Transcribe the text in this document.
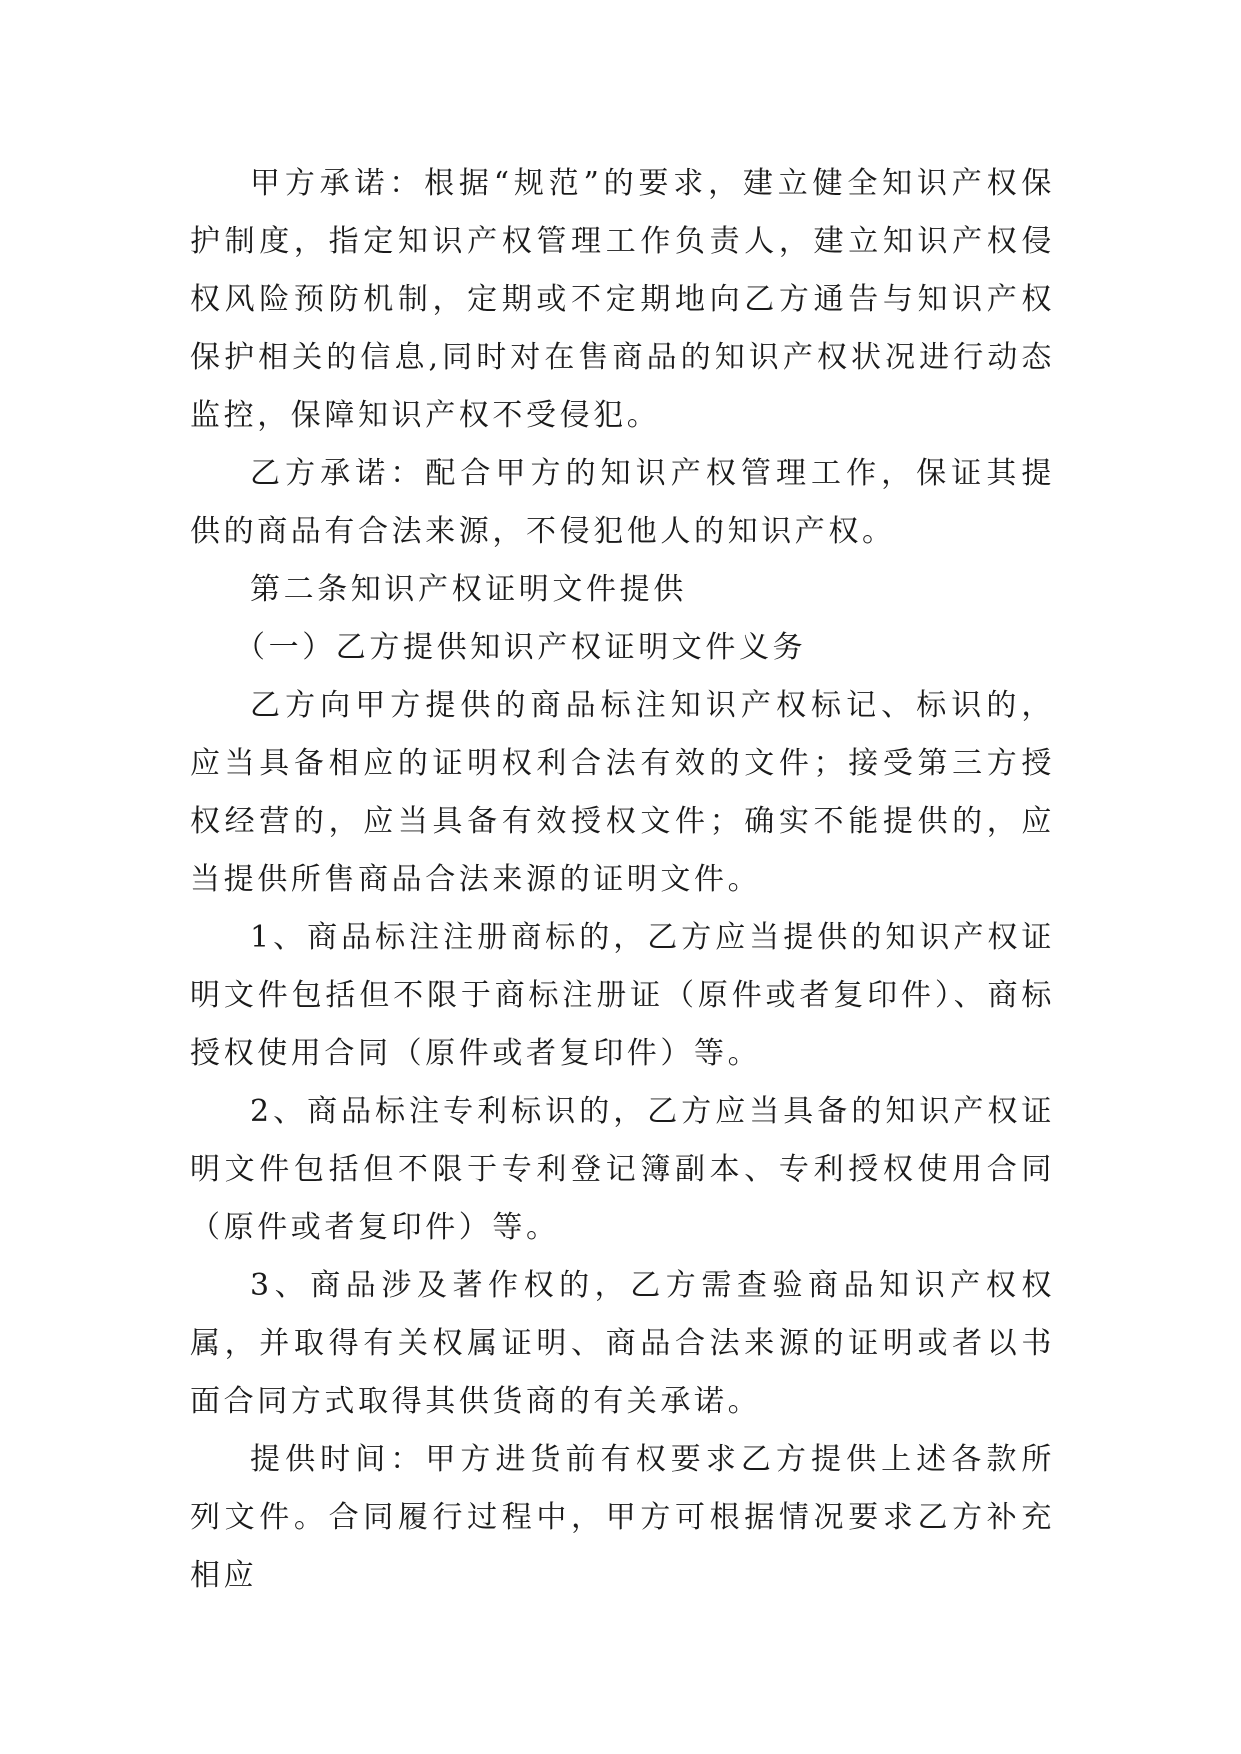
甲方承诺：根据“规范”的要求，建立健全知识产权保护制度，指定知识产权管理工作负责人，建立知识产权侵权风险预防机制，定期或不定期地向乙方通告与知识产权保护相关的信息,同时对在售商品的知识产权状况进行动态监控，保障知识产权不受侵犯。

乙方承诺：配合甲方的知识产权管理工作，保证其提供的商品有合法来源，不侵犯他人的知识产权。

第二条知识产权证明文件提供

（一）乙方提供知识产权证明文件义务

乙方向甲方提供的商品标注知识产权标记、标识的，应当具备相应的证明权利合法有效的文件；接受第三方授权经营的，应当具备有效授权文件；确实不能提供的，应当提供所售商品合法来源的证明文件。

1、商品标注注册商标的，乙方应当提供的知识产权证明文件包括但不限于商标注册证（原件或者复印件）、商标授权使用合同（原件或者复印件）等。

2、商品标注专利标识的，乙方应当具备的知识产权证明文件包括但不限于专利登记簿副本、专利授权使用合同（原件或者复印件）等。

3、商品涉及著作权的，乙方需查验商品知识产权权属，并取得有关权属证明、商品合法来源的证明或者以书面合同方式取得其供货商的有关承诺。

提供时间：甲方进货前有权要求乙方提供上述各款所列文件。合同履行过程中，甲方可根据情况要求乙方补充相应
